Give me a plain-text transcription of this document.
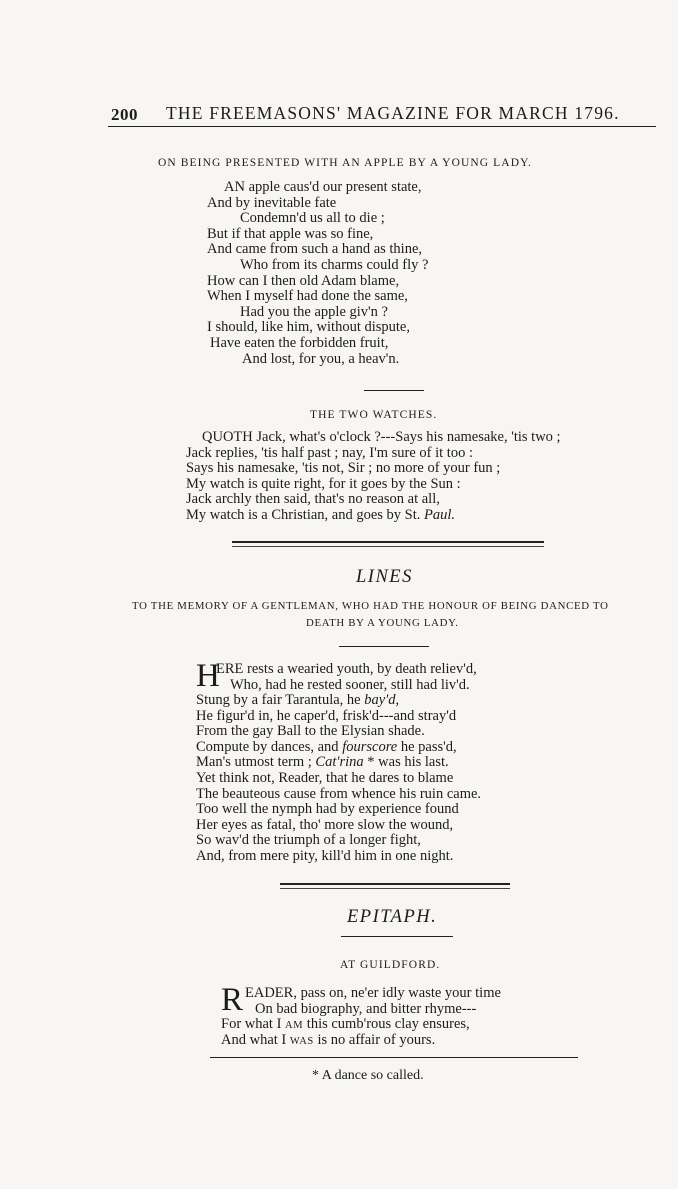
200 THE FREEMASONS' MAGAZINE FOR MARCH 1796.
ON BEING PRESENTED WITH AN APPLE BY A YOUNG LADY.
AN apple caus'd our present state,
And by inevitable fate
Condemn'd us all to die ;
But if that apple was so fine,
And came from such a hand as thine,
Who from its charms could fly ?
How can I then old Adam blame,
When I myself had done the same,
Had you the apple giv'n ?
I should, like him, without dispute,
Have eaten the forbidden fruit,
And lost, for you, a heav'n.
THE TWO WATCHES.
QUOTH Jack, what's o'clock ?---Says his namesake, 'tis two ;
Jack replies, 'tis half past ; nay, I'm sure of it too :
Says his namesake, 'tis not, Sir ; no more of your fun ;
My watch is quite right, for it goes by the Sun :
Jack archly then said, that's no reason at all,
My watch is a Christian, and goes by St. Paul.
LINES
TO THE MEMORY OF A GENTLEMAN, WHO HAD THE HONOUR OF BEING DANCED TO
DEATH BY A YOUNG LADY.
H
ERE rests a wearied youth, by death reliev'd,
Who, had he rested sooner, still had liv'd.
Stung by a fair Tarantula, he bay'd,
He figur'd in, he caper'd, frisk'd---and stray'd
From the gay Ball to the Elysian shade.
Compute by dances, and fourscore he pass'd,
Man's utmost term ; Cat'rina * was his last.
Yet think not, Reader, that he dares to blame
The beauteous cause from whence his ruin came.
Too well the nymph had by experience found
Her eyes as fatal, tho' more slow the wound,
So wav'd the triumph of a longer fight,
And, from mere pity, kill'd him in one night.
EPITAPH.
AT GUILDFORD.
R EADER, pass on, ne'er idly waste your time
On bad biography, and bitter rhyme---
For what I AM this cumb'rous clay ensures,
And what I WAS is no affair of yours.
* A dance so called.
